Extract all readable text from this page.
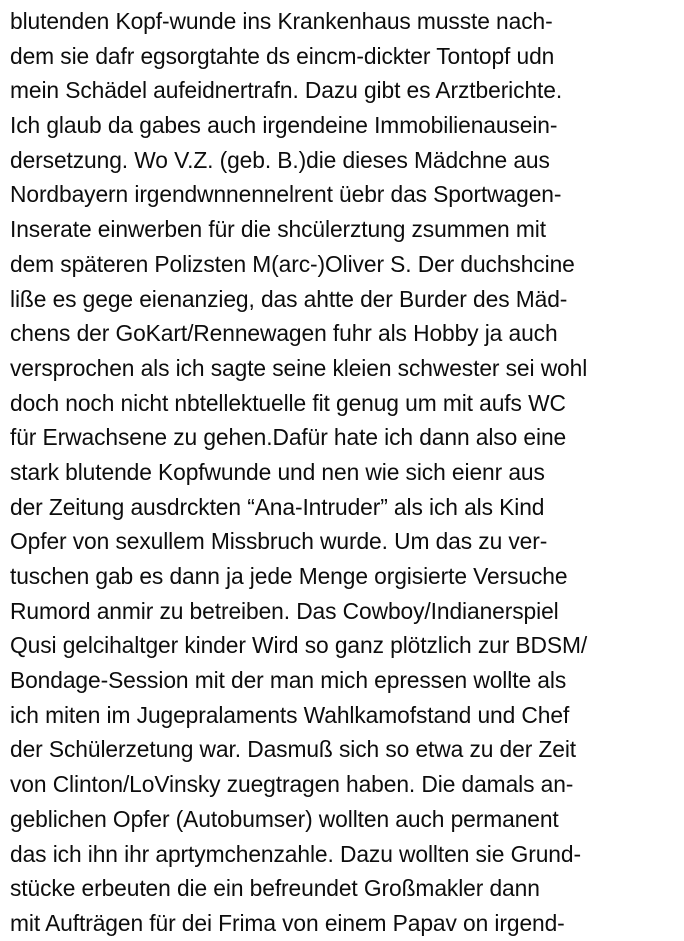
blutenden Kopf-wunde ins Krankenhaus musste nach-
dem sie dafr egsorgtahte ds eincm-dickter Tontopf udn
mein Schädel aufeidnertrafn. Dazu gibt es Arztberichte.
Ich glaub da gabes auch irgendeine Immobilienausein-
dersetzung. Wo V.Z. (geb. B.)die dieses Mädchne aus
Nordbayern irgendwnnennelrent üebr das Sportwagen-
Inserate einwerben für die shcülerztung zsummen mit
dem späteren Polizsten M(arc-)Oliver S. Der duchshcine
lißе es gege eienanzieg, das ahtte der Burder des Mäd-
chens der GoKart/Rennewagen fuhr als Hobby ja auch
versprochen als ich sagte seine kleien schwester sei wohl
doch noch nicht nbtellektuelle fit genug um mit aufs WC
für Erwachsene zu gehen.Dafür hate ich dann also eine
stark blutende Kopfwunde und nen wie sich eienr aus
der Zeitung ausdrckten “Ana-Intruder” als ich als Kind
Opfer von sexullem Missbruch wurde. Um das zu ver-
tuschen gab es dann ja jede Menge orgisierte Versuche
Rumord anmir zu betreiben. Das Cowboy/Indianerspiel
Qusi gelcihaltger kinder Wird so ganz plötzlich zur BDSM/
Bondage-Session mit der man mich epressen wollte als
ich miten im Jugepralaments Wahlkamofstand und Chef
der Schülerzetung war. Dasmuß sich so etwa zu der Zeit
von Clinton/LoVinsky zuegtragen haben. Die damals an-
geblichen Opfer (Autobumser) wollten auch permanent
das ich ihn ihr aprtymchenzahle. Dazu wollten sie Grund-
stücke erbeuten die ein befreundet Großmakler dann
mit Aufträgen für dei Frima von einem Papav on irgend-
